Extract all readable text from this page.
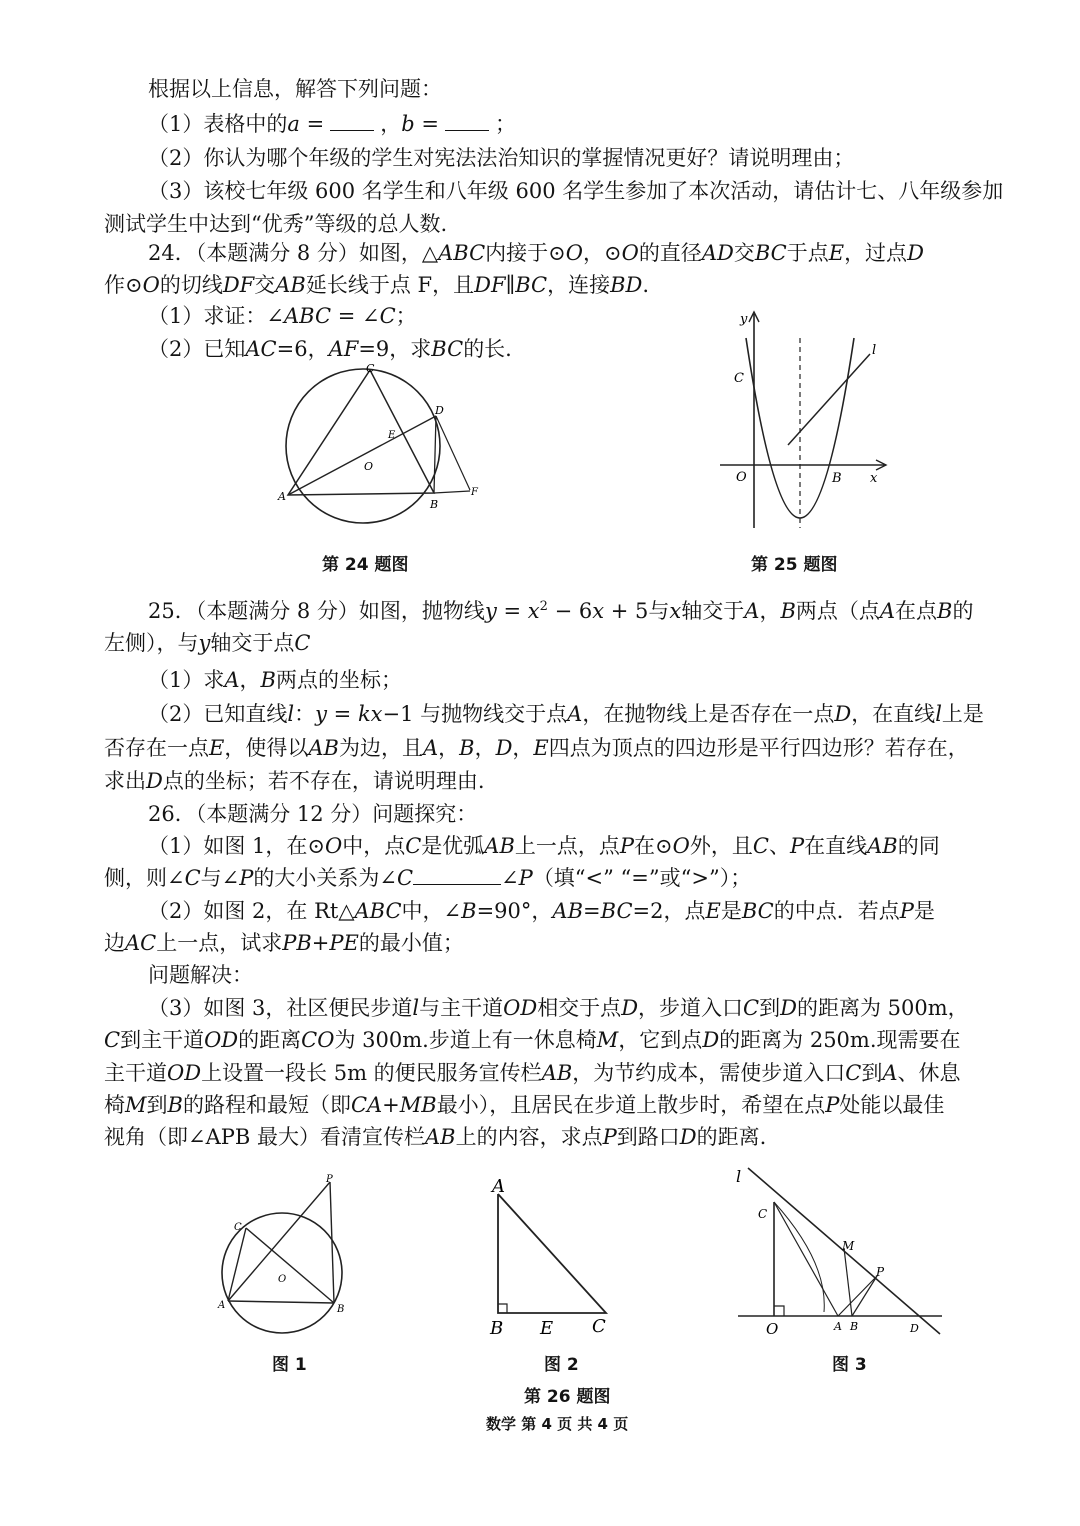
根据以上信息，解答下列问题：
（1）表格中的a =	，b =	；
（2）你认为哪个年级的学生对宪法法治知识的掌握情况更好？请说明理由；
（3）该校七年级 600 名学生和八年级 600 名学生参加了本次活动，请估计七、八年级参加
测试学生中达到“优秀”等级的总人数.
24．（本题满分 8 分）如图，△ABC内接于⊙O，⊙O的直径AD交BC于点E，过点D
作⊙O的切线DF交AB延长线于点 F，且DF∥BC，连接BD.
（1）求证：∠ABC = ∠C；
（2）已知AC=6，AF=9，求BC的长.
C
D
E
O
A
B
F
第 24 题图
y
l
C
O	B x
第 25 题图
25．（本题满分 8 分）如图，抛物线$y = x^2 - 6x + 5$与x轴交于A，B两点（点A在点B的
左侧），与y轴交于点C
（1）求A，B两点的坐标；
（2）已知直线l：y = kx−1 与抛物线交于点A，在抛物线上是否存在一点D，在直线l上是
否存在一点E，使得以AB为边，且A，B，D，E四点为顶点的四边形是平行四边形？若存在，
求出D点的坐标；若不存在，请说明理由.
26．（本题满分 12 分）问题探究：
（1）如图 1，在⊙O中，点C是优弧AB上一点，点P在⊙O外，且C、P在直线AB的同
侧，则∠C与∠P的大小关系为∠C	∠P（填“<” “=”或“>”）；
（2）如图 2，在 Rt△ABC中，∠B=90°，AB=BC=2，点E是BC的中点．若点P是
边AC上一点，试求PB+PE的最小值；
问题解决：
（3）如图 3，社区便民步道l与主干道OD相交于点D，步道入口C到D的距离为 500m，
C到主干道OD的距离CO为 300m.步道上有一休息椅M，它到点D的距离为 250m.现需要在
主干道OD上设置一段长 5m 的便民服务宣传栏AB，为节约成本，需使步道入口C到A、休息
椅M到B的路程和最短（即CA+MB最小），且居民在步道上散步时，希望在点P处能以最佳
视角（即∠APB 最大）看清宣传栏AB上的内容，求点P到路口D的距离.
P
C
O
A	B
图 1
A
B E C
图 2
l
C
M
P
O	A B	D
图 3
第 26 题图
数学 第 4 页 共 4 页
